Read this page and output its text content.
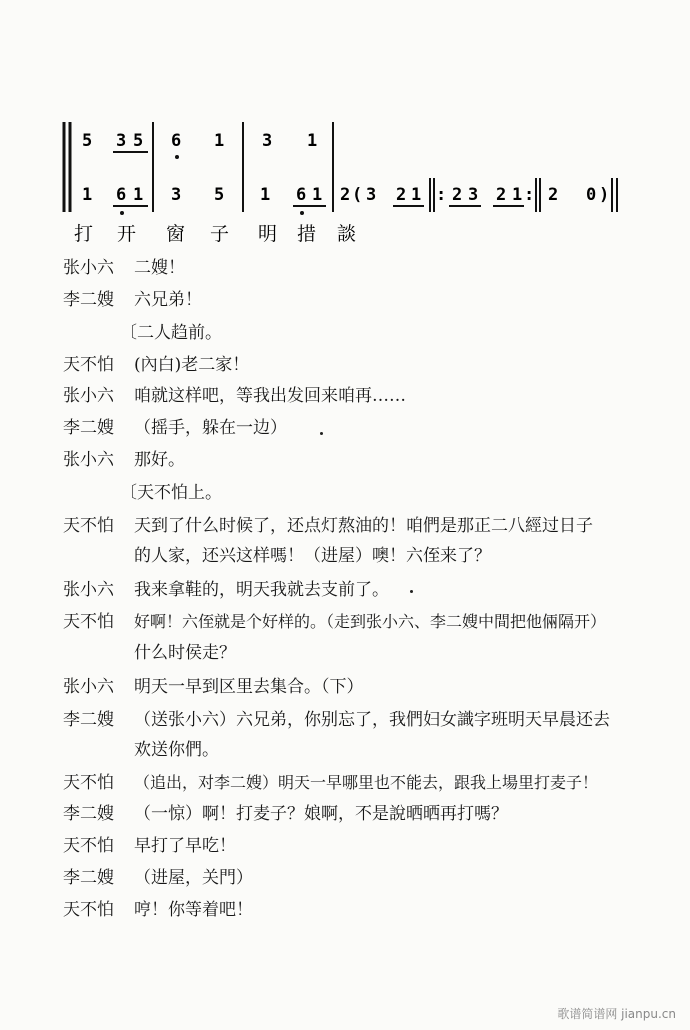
5 3 5 6 1 3 1
1 6 1 3 5 1 6 1 2 ( 3 2 1 : 2 3 2 1 : 2 0 )
打 开 窗 子 明 措 談
张小六 二嫂！
李二嫂 六兄弟！
〔二人趋前。
天不怕 (內白)老二家！
张小六 咱就这样吧，等我出发回来咱再……
李二嫂 （摇手，躲在一边）
张小六 那好。
〔天不怕上。
天不怕 天到了什么时候了，还点灯熬油的！咱們是那正二八經过日子
的人家，还兴这样嗎！（进屋）噢！六侄来了？
张小六 我来拿鞋的，明天我就去支前了。
天不怕 好啊！六侄就是个好样的。（走到张小六、李二嫂中間把他倆隔开）
什么时侯走？
张小六 明天一早到区里去集合。（下）
李二嫂 （送张小六）六兄弟，你别忘了，我們妇女識字班明天早晨还去
欢送你們。
天不怕 （追出，对李二嫂）明天一早哪里也不能去，跟我上場里打麦子！
李二嫂 （一惊）啊！打麦子？娘啊，不是說晒晒再打嗎？
天不怕 早打了早吃！
李二嫂 （进屋，关門）
天不怕 哼！你等着吧！
歌谱简谱网 jianpu.cn
